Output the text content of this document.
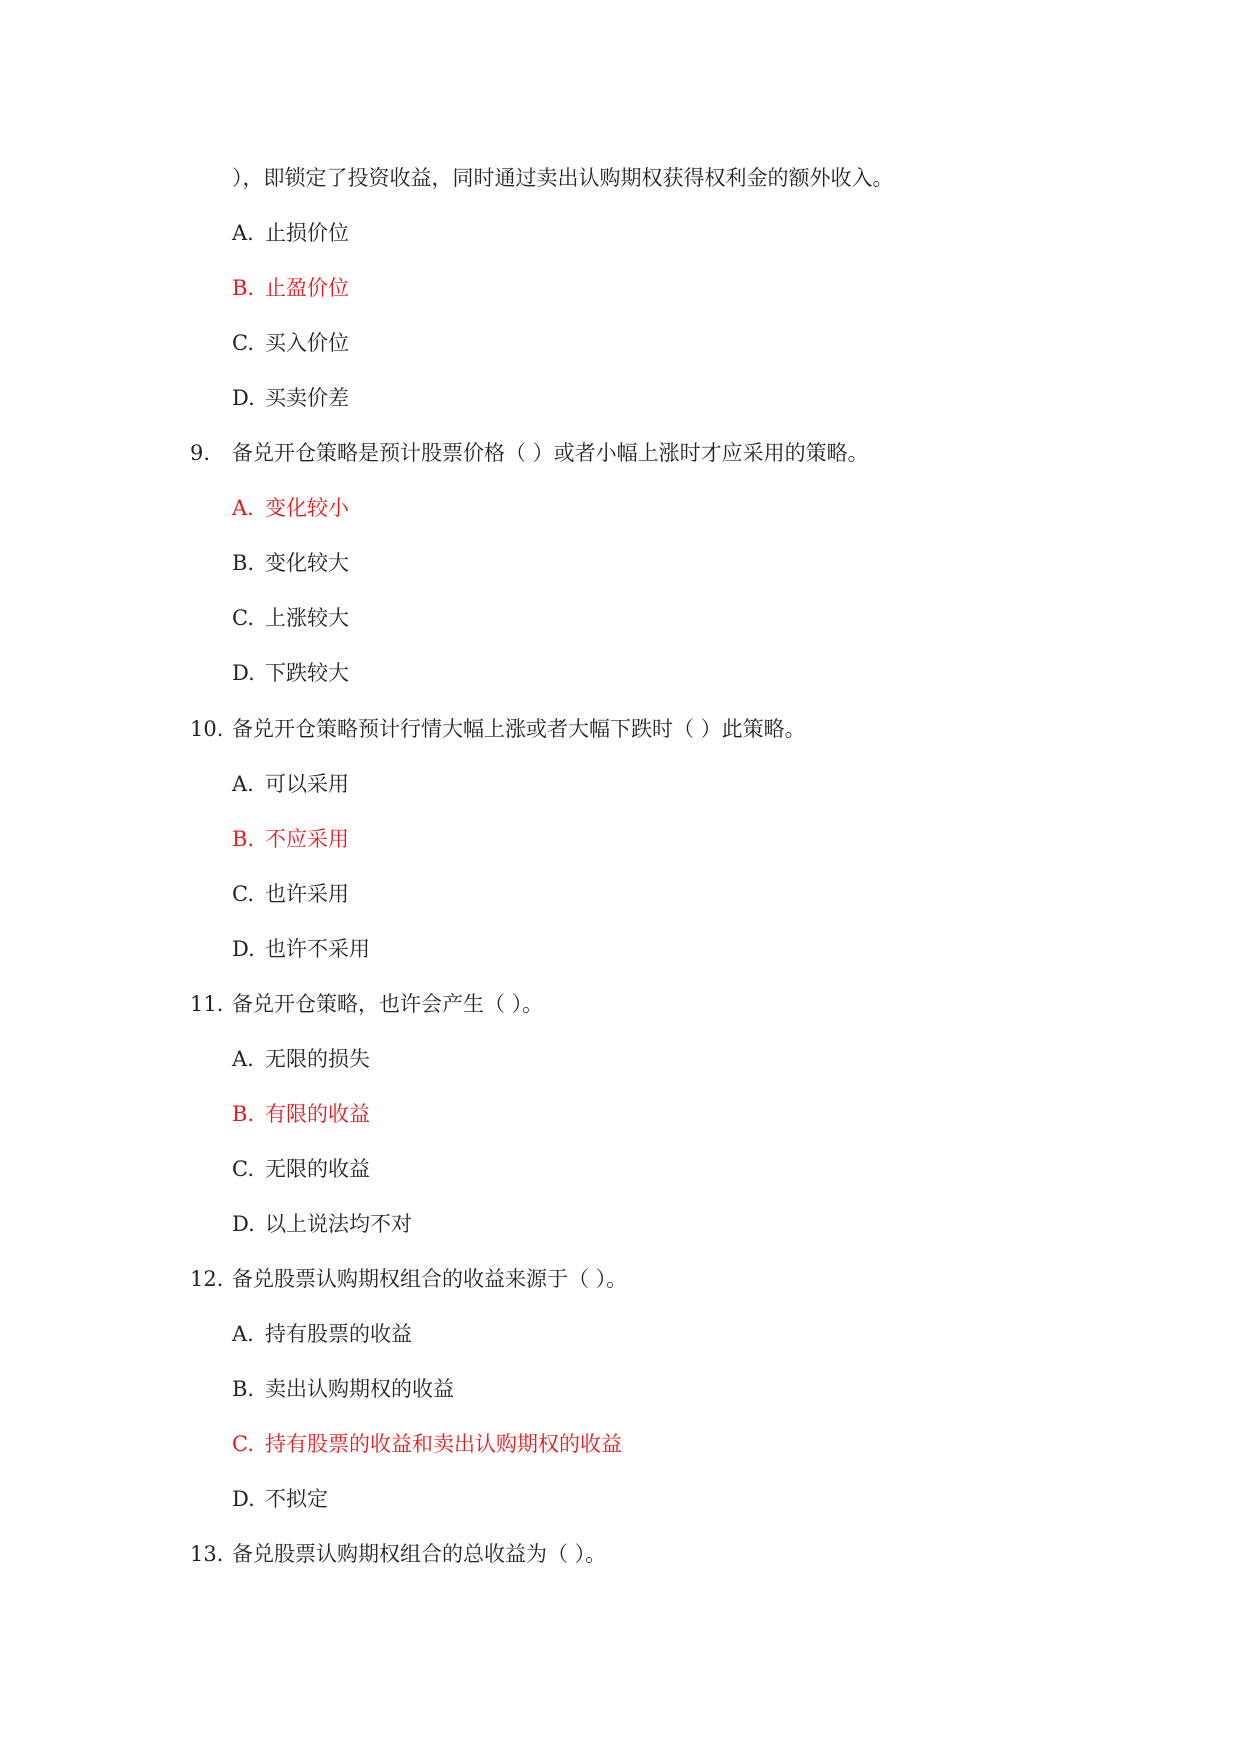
），即锁定了投资收益，同时通过卖出认购期权获得权利金的额外收入。
A. 止损价位
B. 止盈价位
C. 买入价位
D. 买卖价差
9. 备兑开仓策略是预计股票价格（ ）或者小幅上涨时才应采用的策略。
A. 变化较小
B. 变化较大
C. 上涨较大
D. 下跌较大
10. 备兑开仓策略预计行情大幅上涨或者大幅下跌时（ ）此策略。
A. 可以采用
B. 不应采用
C. 也许采用
D. 也许不采用
11. 备兑开仓策略，也许会产生（ ）。
A. 无限的损失
B. 有限的收益
C. 无限的收益
D. 以上说法均不对
12. 备兑股票认购期权组合的收益来源于（ ）。
A. 持有股票的收益
B. 卖出认购期权的收益
C. 持有股票的收益和卖出认购期权的收益
D. 不拟定
13. 备兑股票认购期权组合的总收益为（ ）。
